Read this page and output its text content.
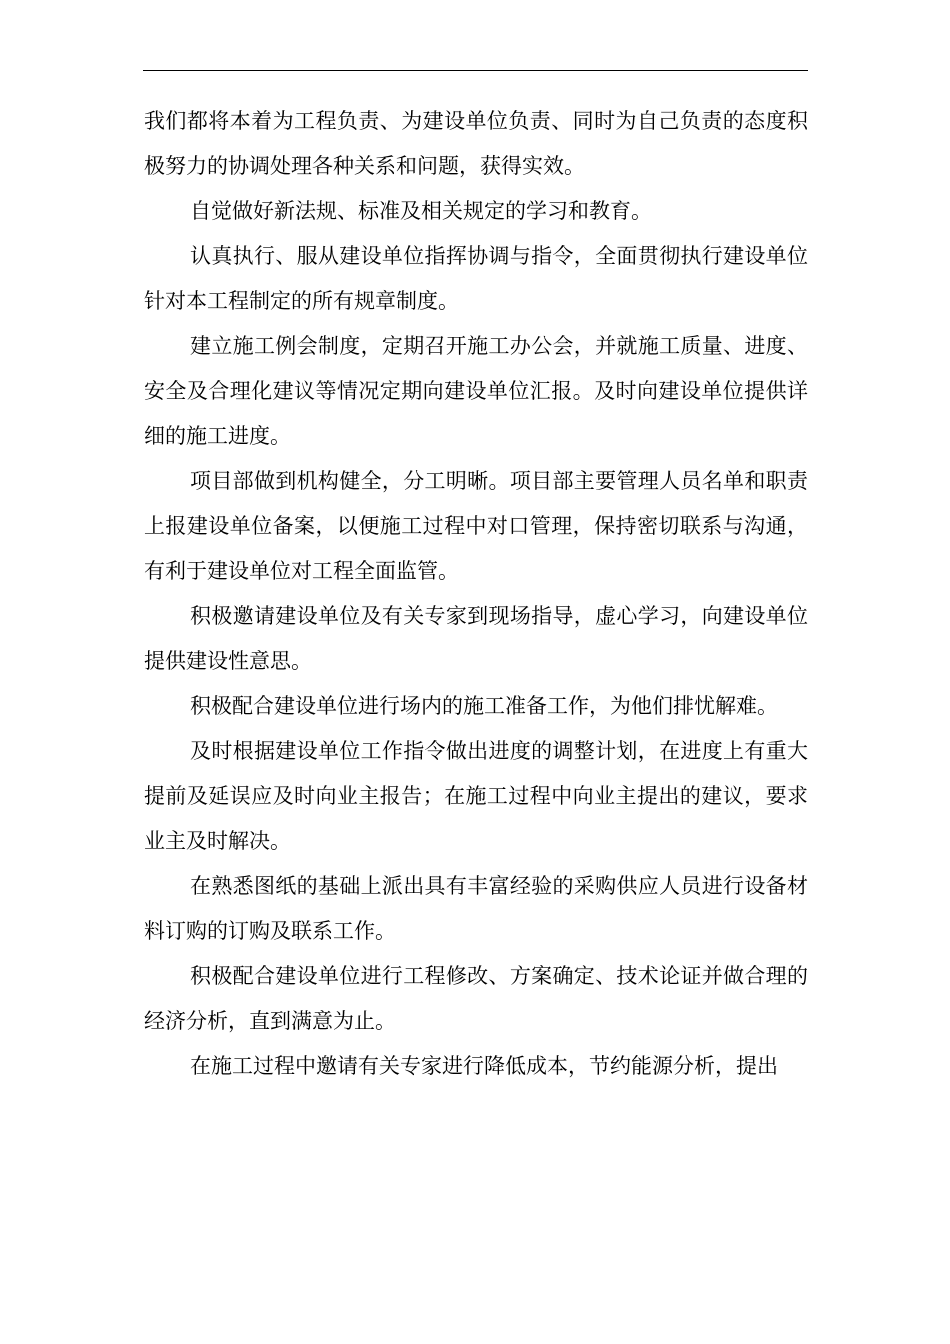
我们都将本着为工程负责、为建设单位负责、同时为自己负责的态度积极努力的协调处理各种关系和问题，获得实效。

自觉做好新法规、标准及相关规定的学习和教育。

认真执行、服从建设单位指挥协调与指令，全面贯彻执行建设单位针对本工程制定的所有规章制度。

建立施工例会制度，定期召开施工办公会，并就施工质量、进度、安全及合理化建议等情况定期向建设单位汇报。及时向建设单位提供详细的施工进度。

项目部做到机构健全，分工明晰。项目部主要管理人员名单和职责上报建设单位备案，以便施工过程中对口管理，保持密切联系与沟通，有利于建设单位对工程全面监管。

积极邀请建设单位及有关专家到现场指导，虚心学习，向建设单位提供建设性意思。

积极配合建设单位进行场内的施工准备工作，为他们排忧解难。

及时根据建设单位工作指令做出进度的调整计划，在进度上有重大提前及延误应及时向业主报告；在施工过程中向业主提出的建议，要求业主及时解决。

在熟悉图纸的基础上派出具有丰富经验的采购供应人员进行设备材料订购的订购及联系工作。

积极配合建设单位进行工程修改、方案确定、技术论证并做合理的经济分析，直到满意为止。

在施工过程中邀请有关专家进行降低成本，节约能源分析，提出
